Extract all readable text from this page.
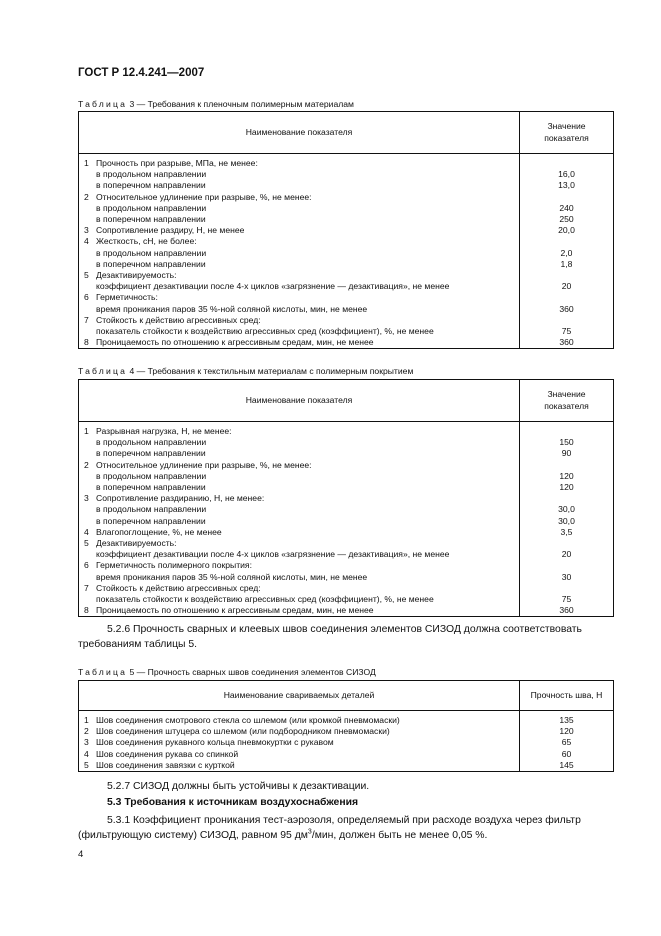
ГОСТ Р 12.4.241—2007
Таблица 3 — Требования к пленочным полимерным материалам
Наименование показателя	Значение
показателя
1 Прочность при разрыве, МПа, не менее:	
в продольном направлении	16,0
в поперечном направлении	13,0
2 Относительное удлинение при разрыве, %, не менее:	
в продольном направлении	240
в поперечном направлении	250
3 Сопротивление раздиру, Н, не менее	20,0
4 Жесткость, сН, не более:	
в продольном направлении	2,0
в поперечном направлении	1,8
5 Дезактивируемость:	
коэффициент дезактивации после 4-х циклов «загрязнение — дезактивация», не менее	20
6 Герметичность:	
время проникания паров 35 %-ной соляной кислоты, мин, не менее	360
7 Стойкость к действию агрессивных сред:	
показатель стойкости к воздействию агрессивных сред (коэффициент), %, не менее	75
8 Проницаемость по отношению к агрессивным средам, мин, не менее	360
Таблица 4 — Требования к текстильным материалам с полимерным покрытием
Наименование показателя	Значение
показателя
1 Разрывная нагрузка, Н, не менее:	
в продольном направлении	150
в поперечном направлении	90
2 Относительное удлинение при разрыве, %, не менее:	
в продольном направлении	120
в поперечном направлении	120
3 Сопротивление раздиранию, Н, не менее:	
в продольном направлении	30,0
в поперечном направлении	30,0
4 Влагопоглощение, %, не менее	3,5
5 Дезактивируемость:	
коэффициент дезактивации после 4-х циклов «загрязнение — дезактивация», не менее	20
6 Герметичность полимерного покрытия:	
время проникания паров 35 %-ной соляной кислоты, мин, не менее	30
7 Стойкость к действию агрессивных сред:	
показатель стойкости к воздействию агрессивных сред (коэффициент), %, не менее	75
8 Проницаемость по отношению к агрессивным средам, мин, не менее	360
5.2.6 Прочность сварных и клеевых швов соединения элементов СИЗОД должна соответствовать требованиям таблицы 5.
Таблица 5 — Прочность сварных швов соединения элементов СИЗОД
Наименование свариваемых деталей	Прочность шва, Н
1 Шов соединения смотрового стекла со шлемом (или кромкой пневмомаски)	135
2 Шов соединения штуцера со шлемом (или подбородником пневмомаски)	120
3 Шов соединения рукавного кольца пневмокуртки с рукавом	65
4 Шов соединения рукава со спинкой	60
5 Шов соединения завязки с курткой	145
5.2.7 СИЗОД должны быть устойчивы к дезактивации.
5.3 Требования к источникам воздухоснабжения
5.3.1 Коэффициент проникания тест-аэрозоля, определяемый при расходе воздуха через фильтр (фильтрующую систему) СИЗОД, равном 95 $дм^3$/мин, должен быть не менее 0,05 %.
4
